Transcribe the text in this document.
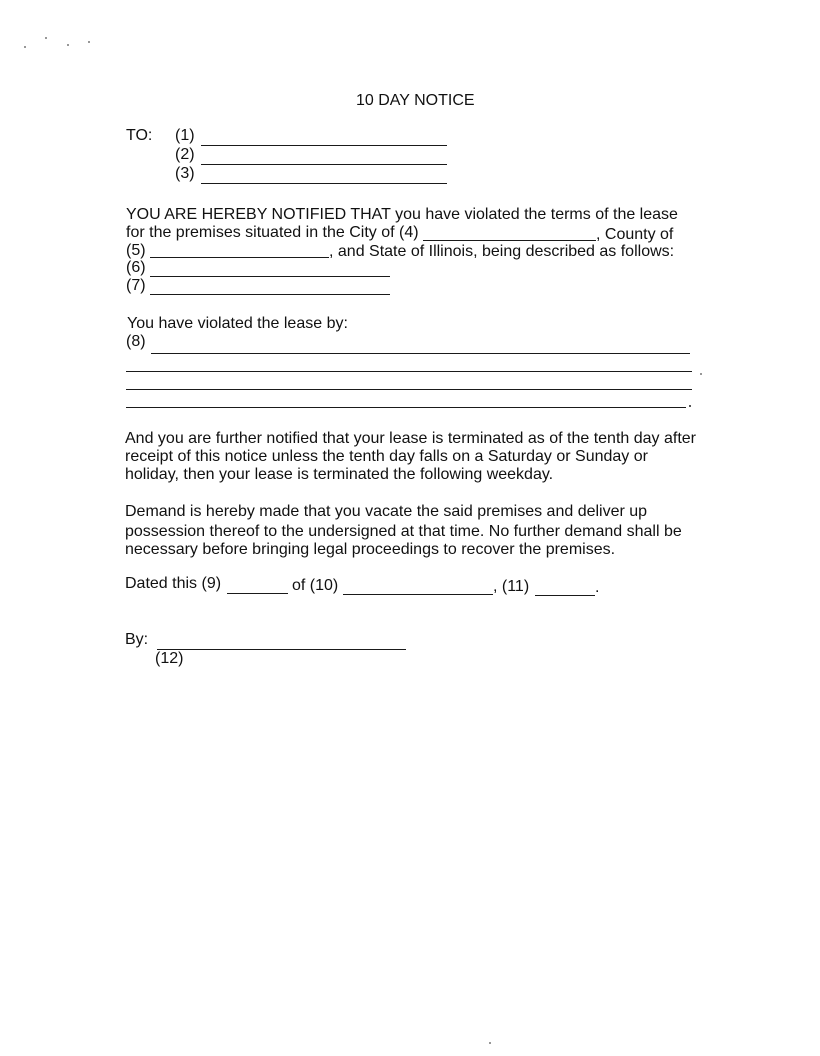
10 DAY NOTICE
TO: (1)
(2)
(3)
YOU ARE HEREBY NOTIFIED THAT you have violated the terms of the lease
for the premises situated in the City of (4)	, County of
(5)	, and State of Illinois, being described as follows:
(6)
(7)
You have violated the lease by:
(8)
And you are further notified that your lease is terminated as of the tenth day after
receipt of this notice unless the tenth day falls on a Saturday or Sunday or
holiday, then your lease is terminated the following weekday.
Demand is hereby made that you vacate the said premises and deliver up
possession thereof to the undersigned at that time. No further demand shall be
necessary before bringing legal proceedings to recover the premises.
Dated this (9)	of (10)	, (11)	.
By:
(12)
